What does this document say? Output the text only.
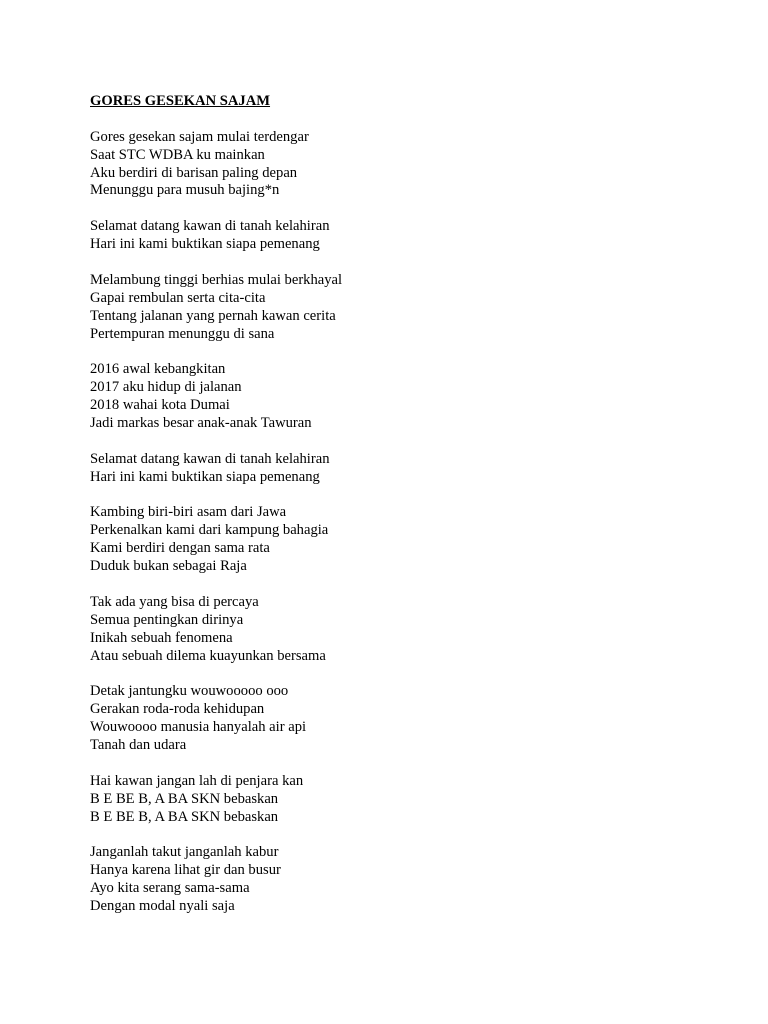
GORES GESEKAN SAJAM
Gores gesekan sajam mulai terdengar
Saat STC WDBA ku mainkan
Aku berdiri di barisan paling depan
Menunggu para musuh bajing*n
Selamat datang kawan di tanah kelahiran
Hari ini kami buktikan siapa pemenang
Melambung tinggi berhias mulai berkhayal
Gapai rembulan serta cita-cita
Tentang jalanan yang pernah kawan cerita
Pertempuran menunggu di sana
2016 awal kebangkitan
2017 aku hidup di jalanan
2018 wahai kota Dumai
Jadi markas besar anak-anak Tawuran
Selamat datang kawan di tanah kelahiran
Hari ini kami buktikan siapa pemenang
Kambing biri-biri asam dari Jawa
Perkenalkan kami dari kampung bahagia
Kami berdiri dengan sama rata
Duduk bukan sebagai Raja
Tak ada yang bisa di percaya
Semua pentingkan dirinya
Inikah sebuah fenomena
Atau sebuah dilema kuayunkan bersama
Detak jantungku wouwooooo ooo
Gerakan roda-roda kehidupan
Wouwoooo manusia hanyalah air api
Tanah dan udara
Hai kawan jangan lah di penjara kan
B E BE B, A BA SKN bebaskan
B E BE B, A BA SKN bebaskan
Janganlah takut janganlah kabur
Hanya karena lihat gir dan busur
Ayo kita serang sama-sama
Dengan modal nyali saja
